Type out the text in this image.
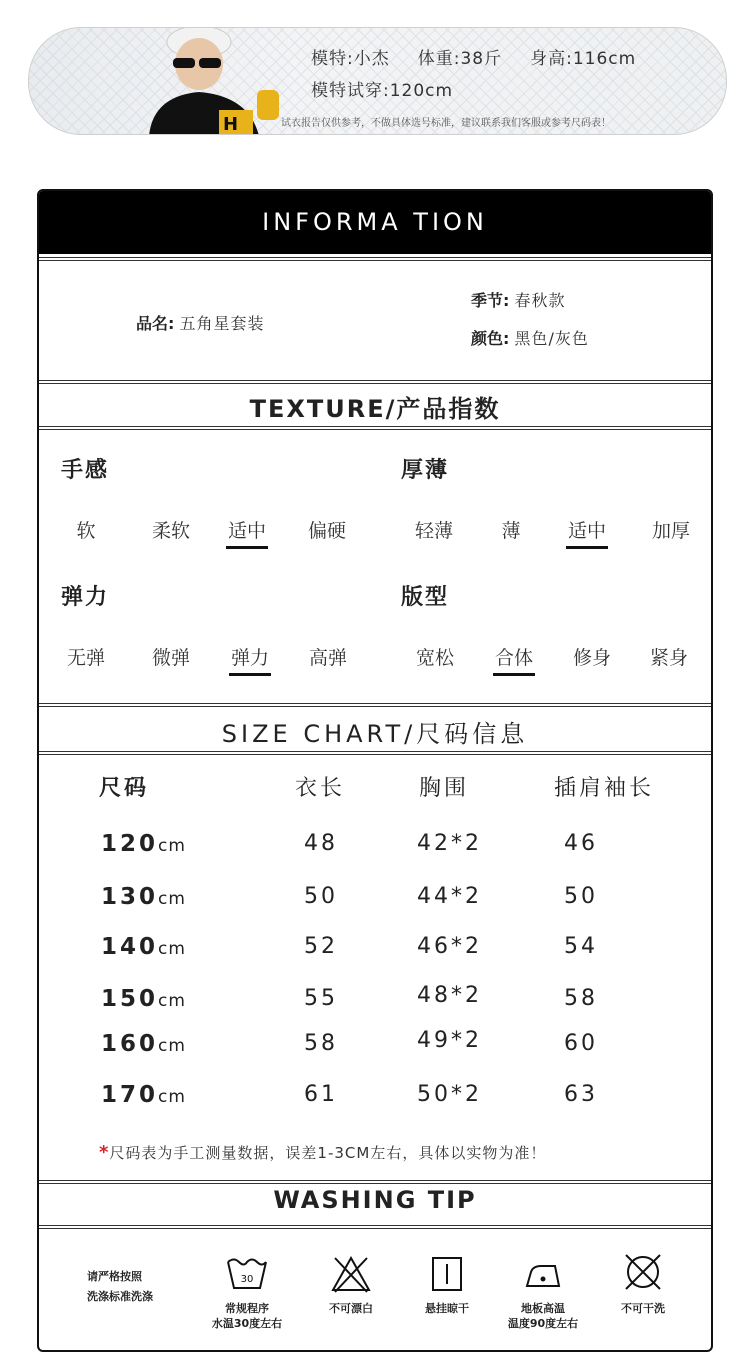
H
模特:小杰 体重:38斤 身高:116cm
模特试穿:120cm
试衣报告仅供参考，不做具体选号标准，建议联系我们客服或参考尺码表！
INFORMA TION
品名: 五角星套装
季节: 春秋款
颜色: 黑色/灰色
TEXTURE/产品指数
手感	厚薄
弹力	版型
软	柔软	适中	偏硬	轻薄	薄	适中	加厚
无弹	微弹	弹力	高弹	宽松	合体	修身	紧身
SIZE CHART/尺码信息
尺码	衣长	胸围	插肩袖长
120cm	48	42*2	46
130cm	50	44*2	50
140cm	52	46*2	54
150cm	55	48*2	58
160cm	58	49*2	60
170cm	61	50*2	63
*尺码表为手工测量数据，误差1-3CM左右，具体以实物为准！
WASHING TIP
请严格按照
洗涤标准洗涤
30
常规程序
水温30度左右
不可漂白	悬挂晾干	地板高温
温度90度左右
不可干洗
